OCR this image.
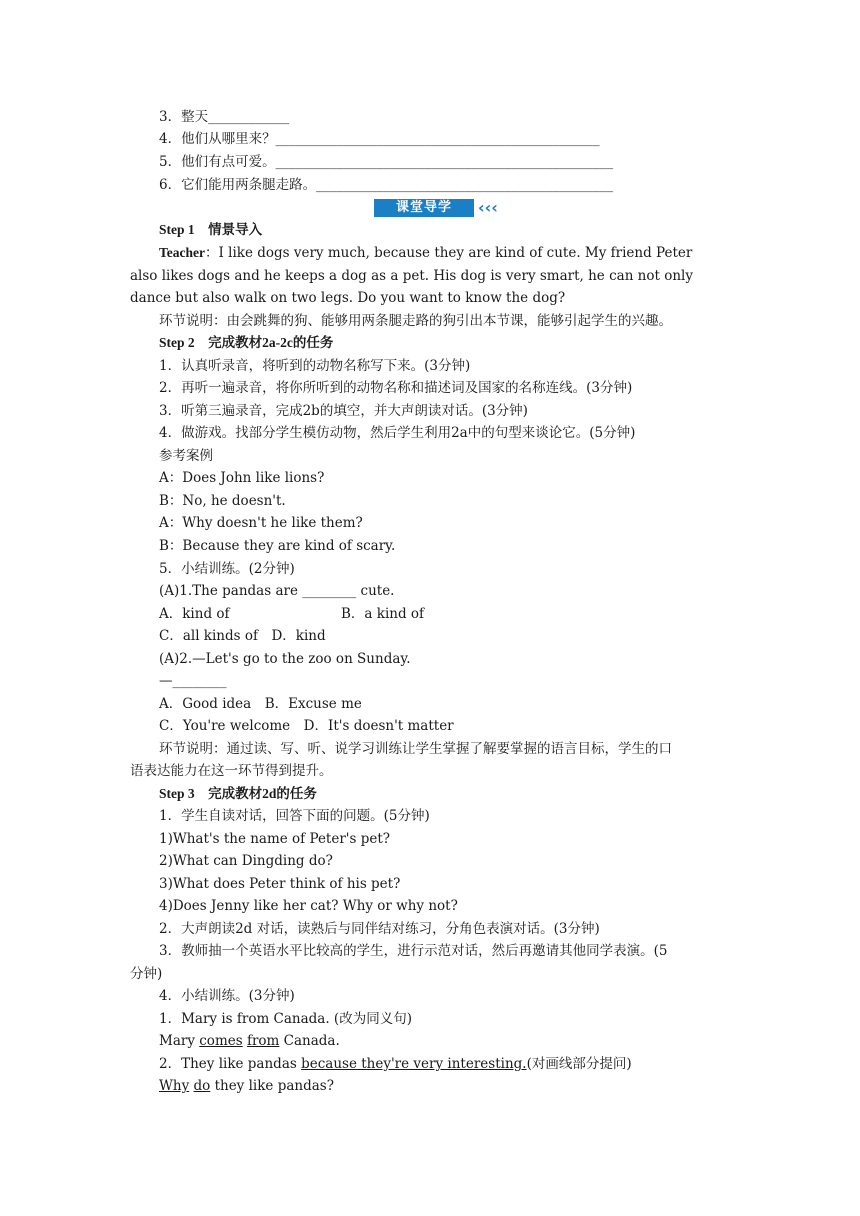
3．整天____________
4．他们从哪里来？________________________________________________
5．他们有点可爱。__________________________________________________
6．它们能用两条腿走路。____________________________________________
课堂导学	‹‹‹
Step 1　情景导入
Teacher：I like dogs very much, because they are kind of cute. My friend Peter
also likes dogs and he keeps a dog as a pet. His dog is very smart, he can not only
dance but also walk on two legs. Do you want to know the dog?
环节说明：由会跳舞的狗、能够用两条腿走路的狗引出本节课，能够引起学生的兴趣。
Step 2　完成教材2a-2c的任务
1．认真听录音，将听到的动物名称写下来。(3分钟)
2．再听一遍录音，将你所听到的动物名称和描述词及国家的名称连线。(3分钟)
3．听第三遍录音，完成2b的填空，并大声朗读对话。(3分钟)
4．做游戏。找部分学生模仿动物，然后学生利用2a中的句型来谈论它。(5分钟)
参考案例
A：Does John like lions?
B：No, he doesn't.
A：Why doesn't he like them?
B：Because they are kind of scary.
5．小结训练。(2分钟)
(A)1.The pandas are ________ cute.
A．kind of	B．a kind of
C．all kinds of　D．kind
(A)2.—Let's go to the zoo on Sunday.
—________
A．Good idea　B．Excuse me
C．You're welcome　D．It's doesn't matter
环节说明：通过读、写、听、说学习训练让学生掌握了解要掌握的语言目标，学生的口
语表达能力在这一环节得到提升。
Step 3　完成教材2d的任务
1．学生自读对话，回答下面的问题。(5分钟)
1)What's the name of Peter's pet?
2)What can Dingding do?
3)What does Peter think of his pet?
4)Does Jenny like her cat? Why or why not?
2．大声朗读2d 对话，读熟后与同伴结对练习，分角色表演对话。(3分钟)
3．教师抽一个英语水平比较高的学生，进行示范对话，然后再邀请其他同学表演。(5
分钟)
4．小结训练。(3分钟)
1．Mary is from Canada. (改为同义句)
Mary comes from Canada.
2．They like pandas because they're very interesting.(对画线部分提问)
Why do they like pandas?
